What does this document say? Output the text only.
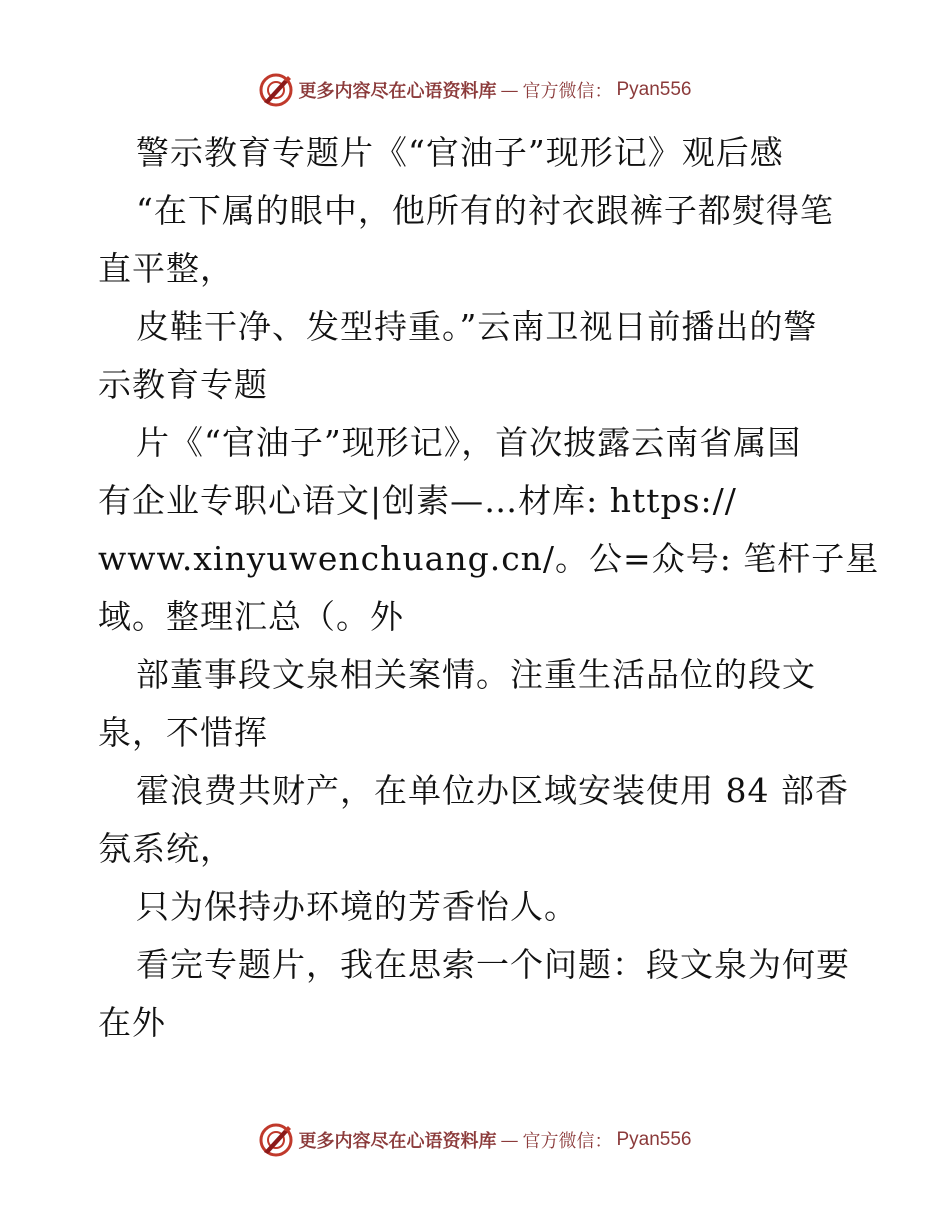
更多内容尽在心语资料库 — 官方微信： Pyan556
警示教育专题片《“官油子”现形记》观后感
“在下属的眼中，他所有的衬衣跟裤子都熨得笔
直平整，
皮鞋干净、发型持重。”云南卫视日前播出的警
示教育专题
片《“官油子”现形记》，首次披露云南省属国
有企业专职心语文|创素—…材库: https://
www.xinyuwenchuang.cn/。公=众号: 笔杆子星
域。整理汇总（。外
部董事段文泉相关案情。注重生活品位的段文
泉，不惜挥
霍浪费共财产，在单位办区域安装使用 84 部香
氛系统，
只为保持办环境的芳香怡人。
看完专题片，我在思索一个问题：段文泉为何要
在外
更多内容尽在心语资料库 — 官方微信： Pyan556
